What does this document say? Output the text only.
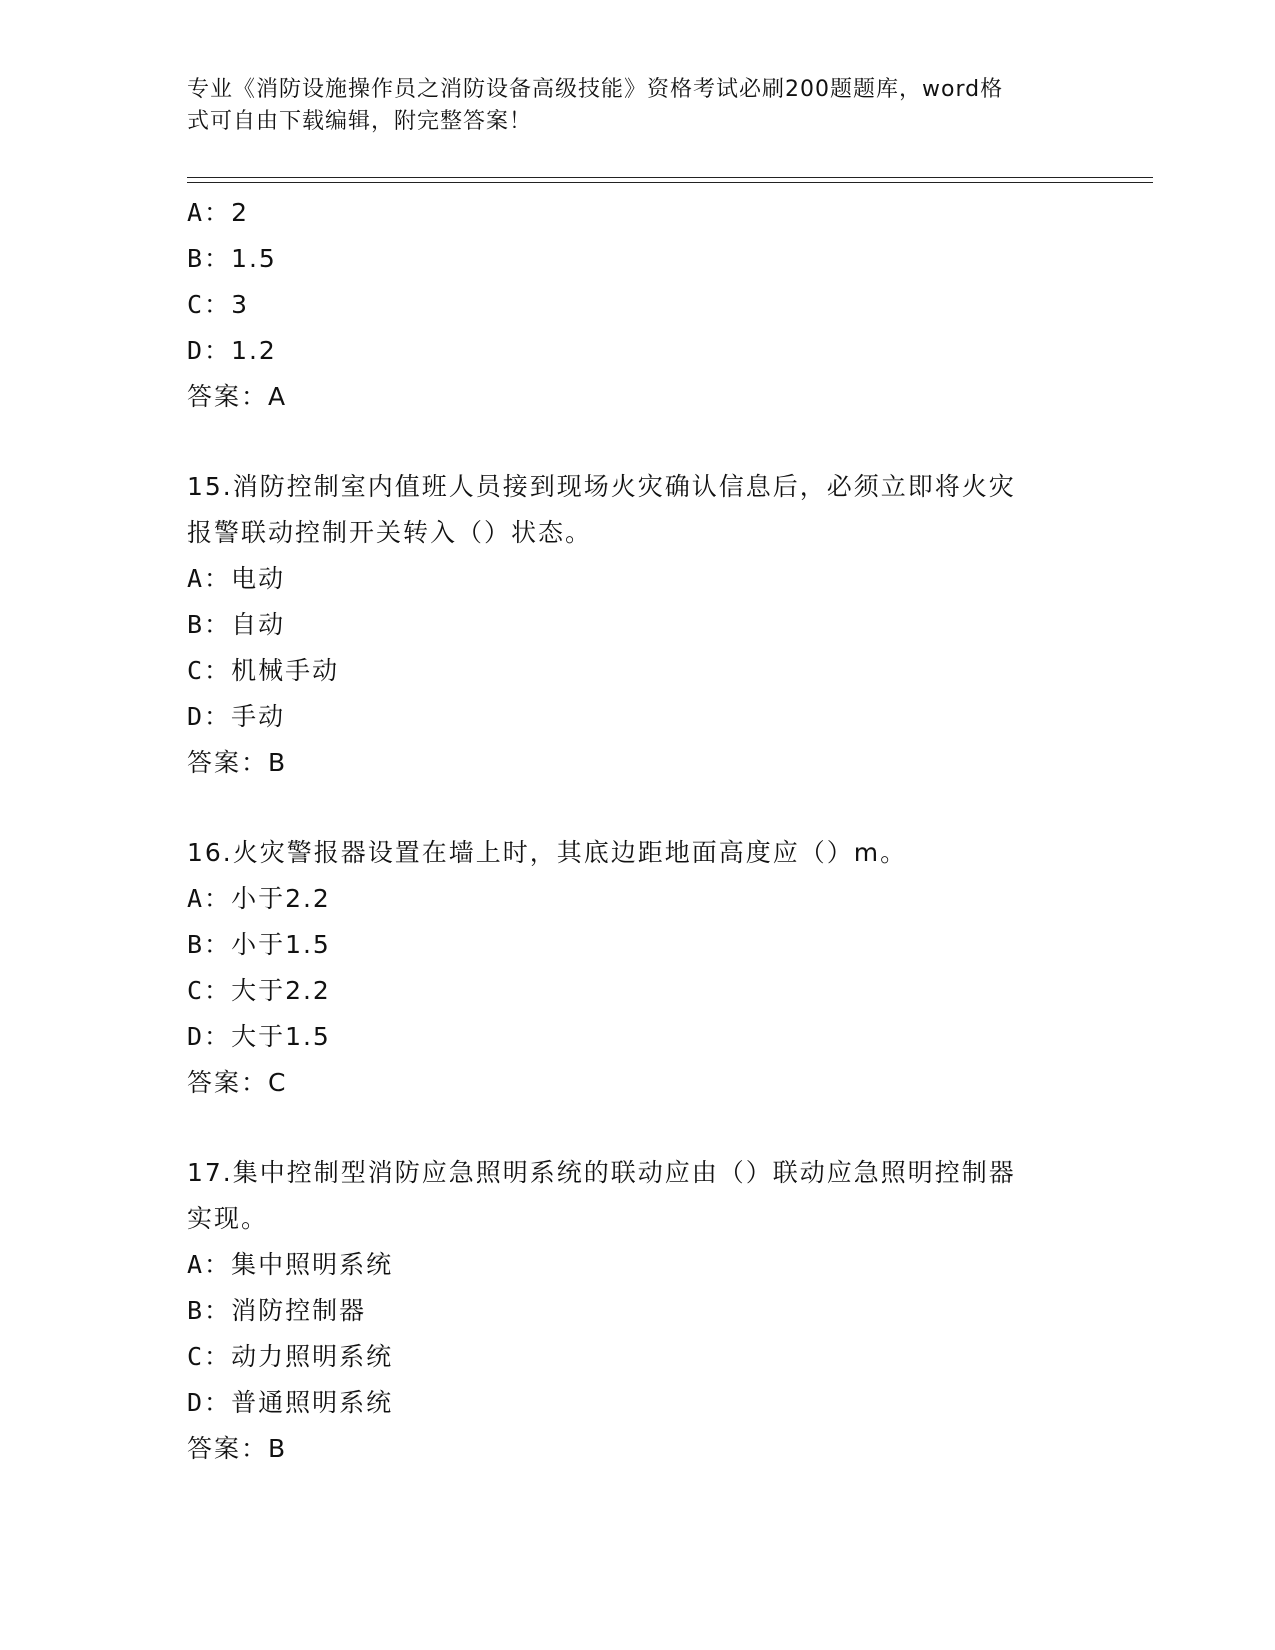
专业《消防设施操作员之消防设备高级技能》资格考试必刷200题题库，word格
式可自由下载编辑，附完整答案！
A：2
B：1.5
C：3
D：1.2
答案：A
15.消防控制室内值班人员接到现场火灾确认信息后，必须立即将火灾
报警联动控制开关转入（）状态。
A：电动
B：自动
C：机械手动
D：手动
答案：B
16.火灾警报器设置在墙上时，其底边距地面高度应（）m。
A：小于2.2
B：小于1.5
C：大于2.2
D：大于1.5
答案：C
17.集中控制型消防应急照明系统的联动应由（）联动应急照明控制器
实现。
A：集中照明系统
B：消防控制器
C：动力照明系统
D：普通照明系统
答案：B
